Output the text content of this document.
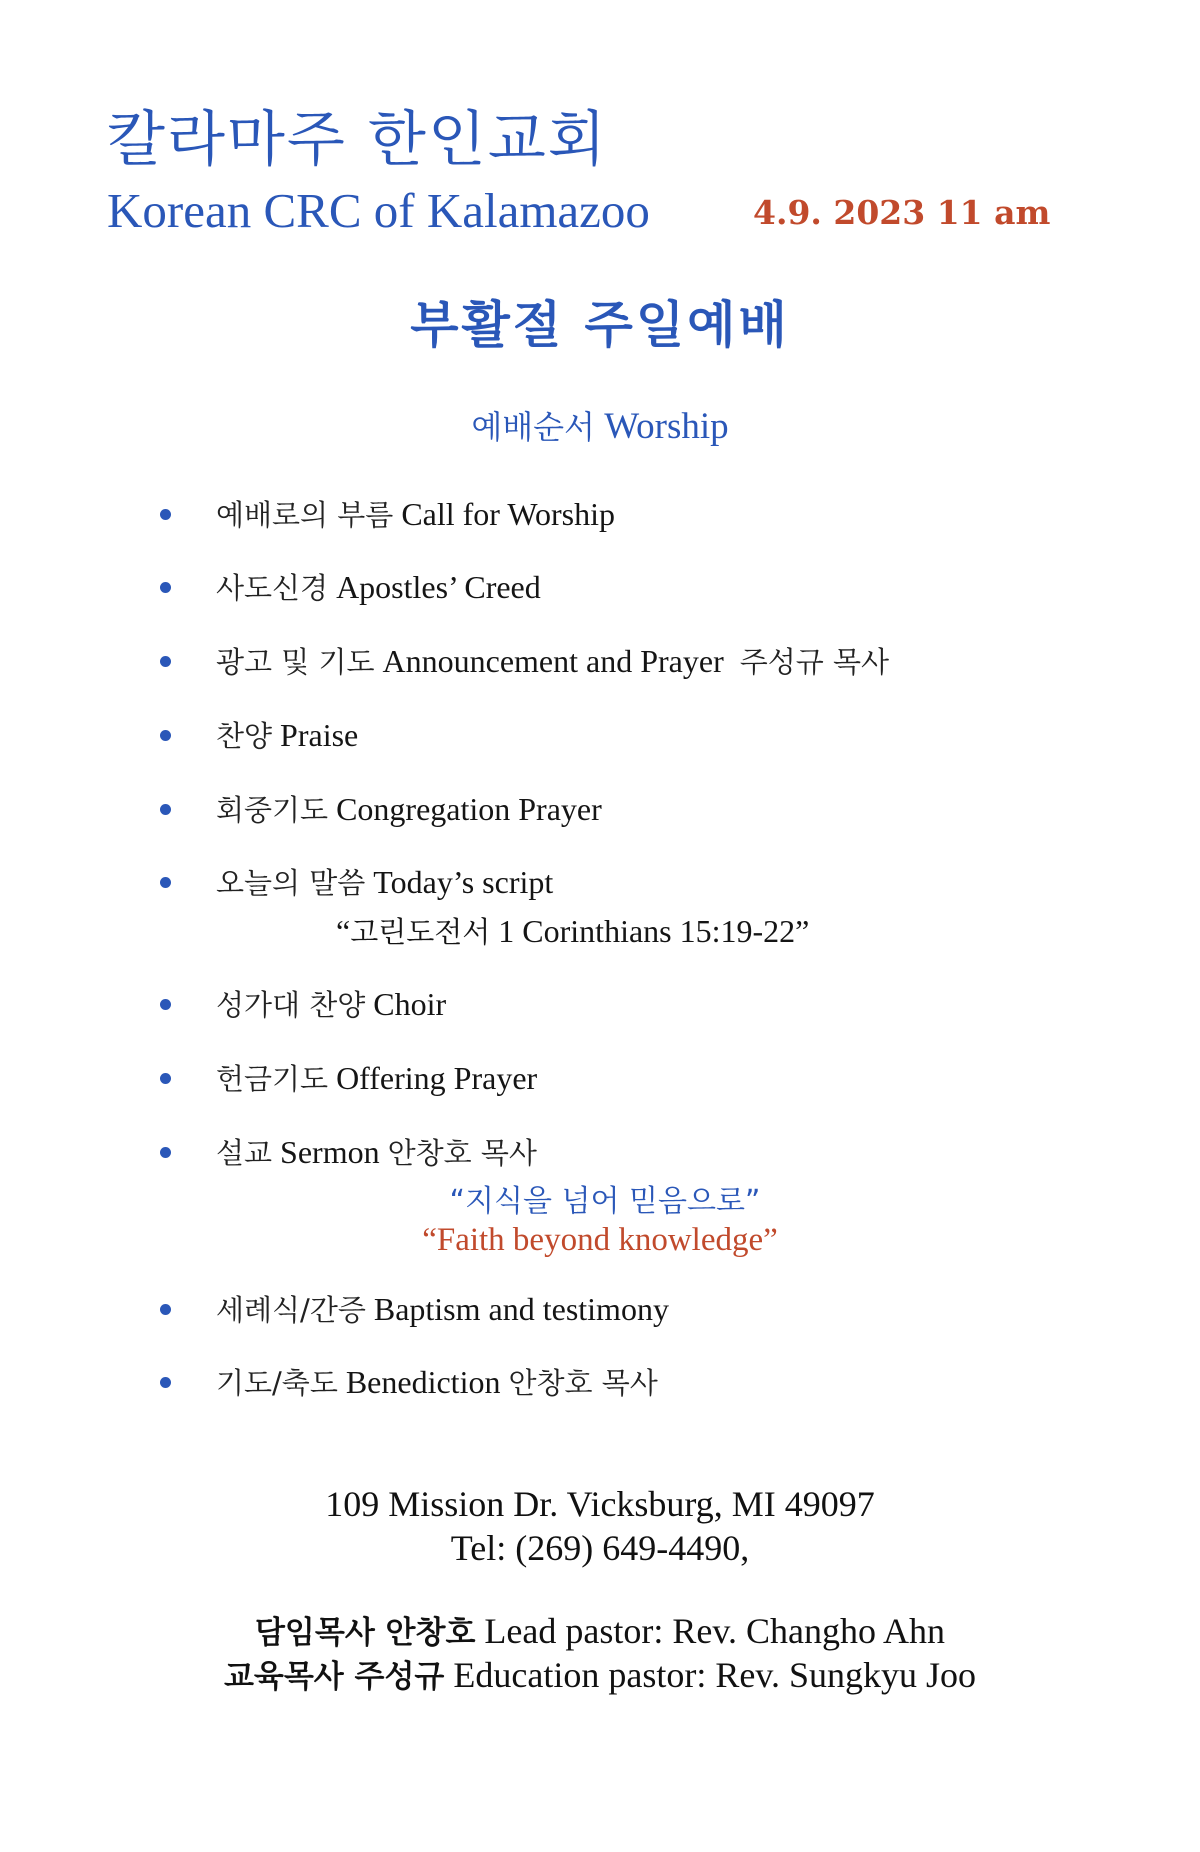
칼라마주 한인교회
Korean CRC of Kalamazoo	4.9. 2023 11 am
부활절 주일예배
예배순서 Worship
예배로의 부름 Call for Worship
사도신경 Apostles’ Creed
광고 및 기도 Announcement and Prayer 주성규 목사
찬양 Praise
회중기도 Congregation Prayer
오늘의 말씀 Today’s script
성가대 찬양 Choir
헌금기도 Offering Prayer
설교 Sermon 안창호 목사
세례식/간증 Baptism and testimony
기도/축도 Benediction 안창호 목사
“고린도전서 1 Corinthians 15:19-22”
“지식을 넘어 믿음으로”
“Faith beyond knowledge”
109 Mission Dr. Vicksburg, MI 49097
Tel: (269) 649-4490,
담임목사 안창호 Lead pastor: Rev. Changho Ahn
교육목사 주성규 Education pastor: Rev. Sungkyu Joo
